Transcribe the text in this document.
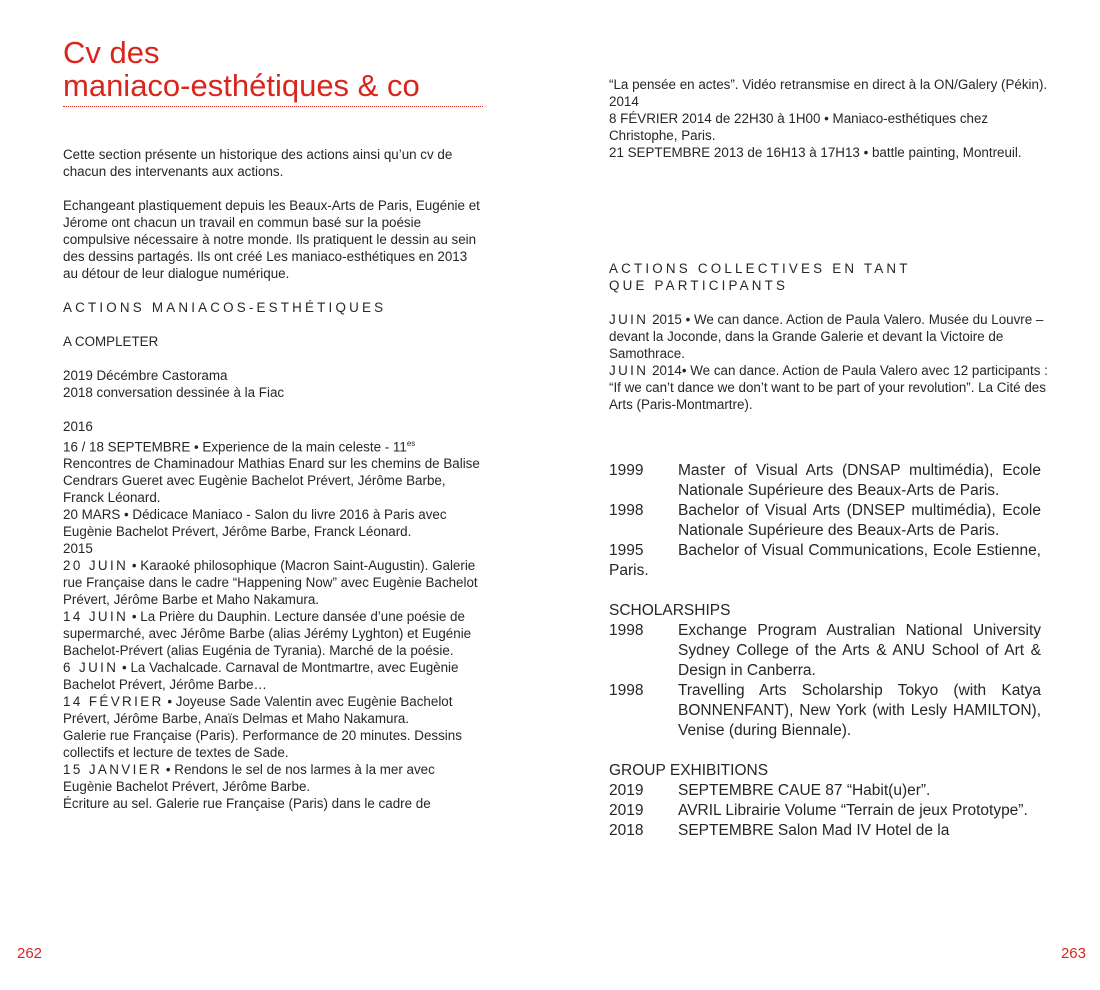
Cv des
maniaco-esthétiques & co

Cette section présente un historique des actions ainsi qu’un cv de chacun des intervenants aux actions.

Echangeant plastiquement depuis les Beaux-Arts de Paris, Eugénie et Jérome ont chacun un travail en commun basé sur la poésie compulsive nécessaire à notre monde. Ils pratiquent le dessin au sein des dessins partagés. Ils ont créé Les maniaco-esthétiques en 2013 au détour de leur dialogue numérique.

ACTIONS MANIACOS-ESTHÉTIQUES

A COMPLETER

2019 Décémbre Castorama

2018 conversation dessinée à la Fiac

2016

16 / 18 SEPTEMBRE • Experience de la main celeste - $11^{es}$ Rencontres de Chaminadour Mathias Enard sur les chemins de Balise Cendrars Gueret avec Eugènie Bachelot Prévert, Jérôme Barbe, Franck Léonard.

20 MARS • Dédicace Maniaco - Salon du livre 2016 à Paris avec Eugènie Bachelot Prévert, Jérôme Barbe, Franck Léonard.

2015

20 JUIN • Karaoké philosophique (Macron Saint-Augustin). Galerie rue Française dans le cadre “Happening Now” avec Eugènie Bachelot Prévert, Jérôme Barbe et Maho Nakamura.

14 JUIN • La Prière du Dauphin. Lecture dansée d’une poésie de supermarché, avec Jérôme Barbe (alias Jérémy Lyghton) et Eugénie Bachelot-Prévert (alias Eugénia de Tyrania). Marché de la poésie.

6 JUIN • La Vachalcade. Carnaval de Montmartre, avec Eugènie Bachelot Prévert, Jérôme Barbe…

14 FÉVRIER • Joyeuse Sade Valentin avec Eugènie Bachelot Prévert, Jérôme Barbe, Anaïs Delmas et Maho Nakamura.

Galerie rue Française (Paris). Performance de 20 minutes. Dessins collectifs et lecture de textes de Sade.

15 JANVIER • Rendons le sel de nos larmes à la mer avec Eugènie Bachelot Prévert, Jérôme Barbe.

Écriture au sel. Galerie rue Française (Paris) dans le cadre de

262

“La pensée en actes”. Vidéo retransmise en direct à la ON/Galery (Pékin).

2014

8 FÉVRIER 2014 de 22H30 à 1H00 • Maniaco-esthétiques chez Christophe, Paris.

21 SEPTEMBRE 2013 de 16H13 à 17H13 • battle painting, Montreuil.

ACTIONS COLLECTIVES EN TANT

QUE PARTICIPANTS

JUIN 2015 • We can dance. Action de Paula Valero. Musée du Louvre – devant la Joconde, dans la Grande Galerie et devant la Victoire de Samothrace.

JUIN 2014• We can dance. Action de Paula Valero avec 12 participants :

“If we can’t dance we don’t want to be part of your revolution”. La Cité des Arts (Paris-Montmartre).

1999	Master of Visual Arts (DNSAP multimédia), Ecole Nationale Supérieure des Beaux-Arts de Paris.
1998	Bachelor of Visual Arts (DNSEP multimédia), Ecole Nationale Supérieure des Beaux-Arts de Paris.

1995 Bachelor of Visual Communications, Ecole Estienne, Paris.

SCHOLARSHIPS

1998	Exchange Program Australian National University Sydney College of the Arts & ANU School of Art & Design in Canberra.
1998	Travelling Arts Scholarship Tokyo (with Katya BONNENFANT), New York (with Lesly HAMILTON), Venise (during Biennale).

GROUP EXHIBITIONS

2019 SEPTEMBRE CAUE 87 “Habit(u)er”.

2019 AVRIL Librairie Volume “Terrain de jeux Prototype”.

2018 SEPTEMBRE Salon Mad IV Hotel de la

263
